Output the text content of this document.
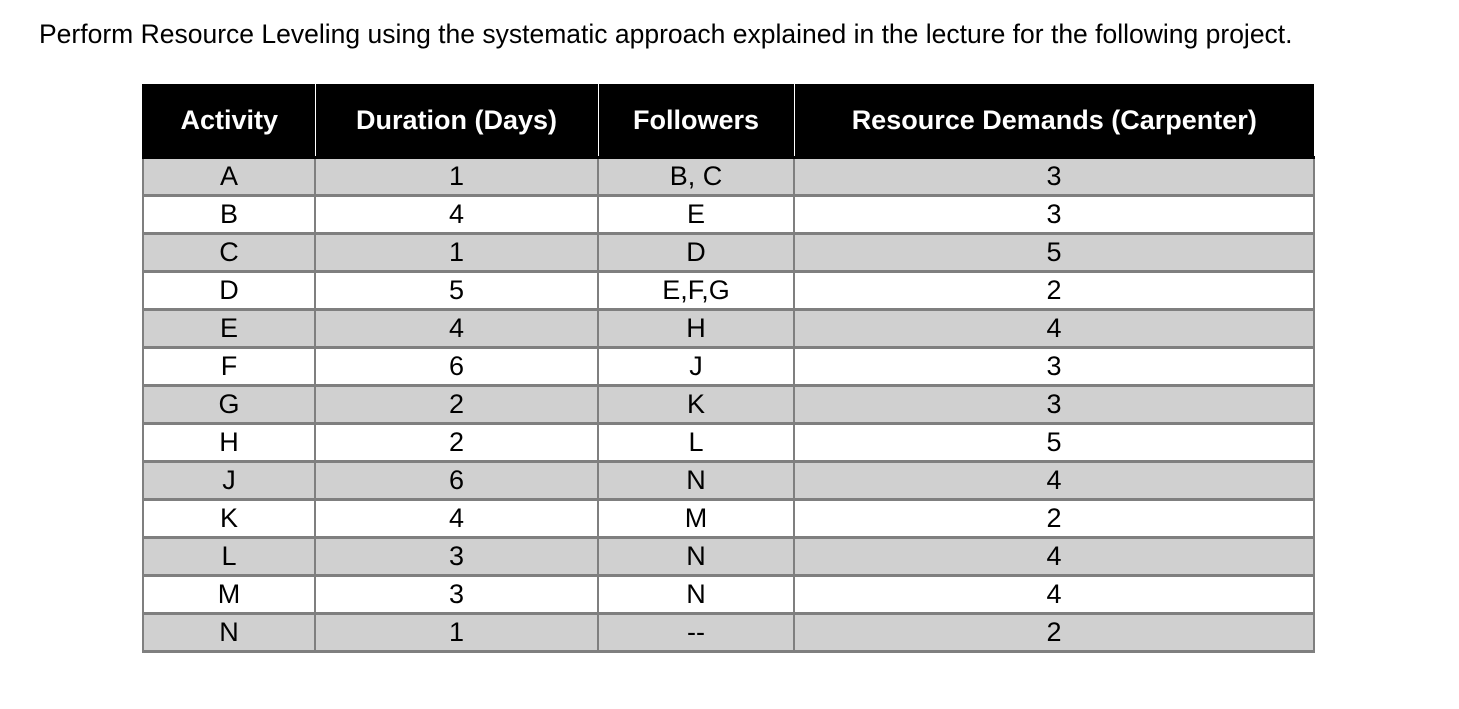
Perform Resource Leveling using the systematic approach explained in the lecture for the following project.

Activity	Duration (Days)	Followers	Resource Demands (Carpenter)
A	1	B, C	3
B	4	E	3
C	1	D	5
D	5	E,F,G	2
E	4	H	4
F	6	J	3
G	2	K	3
H	2	L	5
J	6	N	4
K	4	M	2
L	3	N	4
M	3	N	4
N	1	--	2
